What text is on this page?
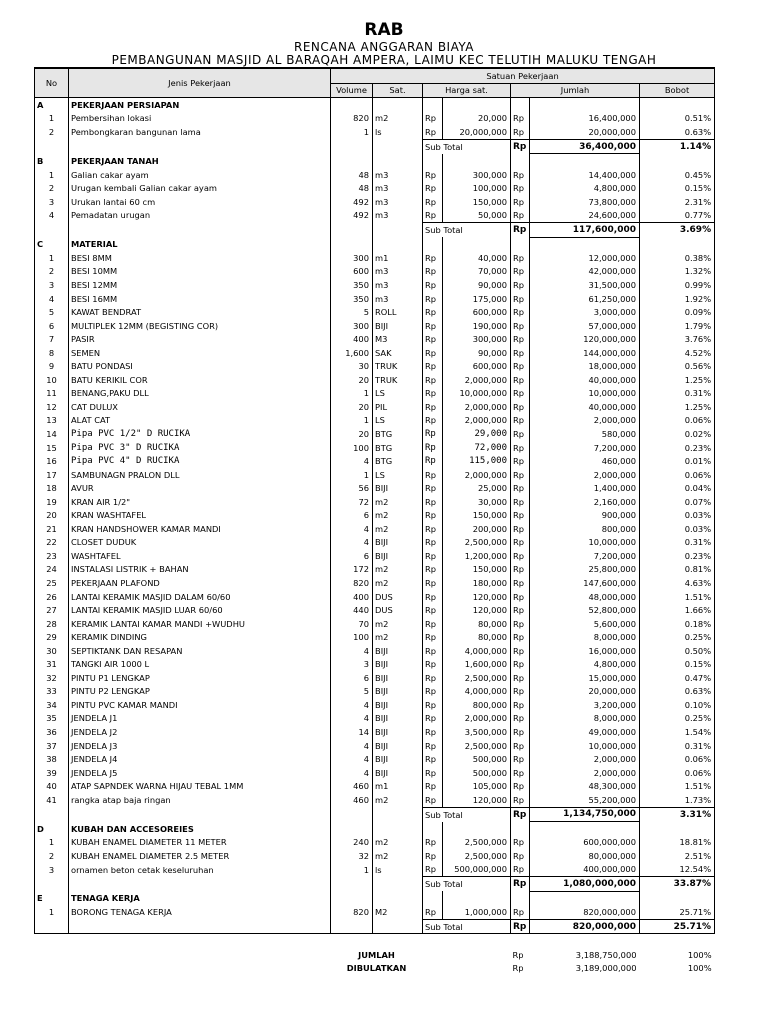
RAB
RENCANA ANGGARAN BIAYA
PEMBANGUNAN MASJID AL BARAQAH AMPERA, LAIMU KEC TELUTIH MALUKU TENGAH
No	Jenis Pekerjaan	Satuan Pekerjaan						
		Volume	Sat.	Harga sat.		Jumlah		Bobot
A	PEKERJAAN PERSIAPAN							
1	Pembersihan lokasi	820	m2	Rp	20,000	Rp	16,400,000	0.51%
2	Pembongkaran bangunan lama	1	ls	Rp	20,000,000	Rp	20,000,000	0.63%
				Sub Total		Rp	36,400,000	1.14%
B	PEKERJAAN TANAH							
1	Galian cakar ayam	48	m3	Rp	300,000	Rp	14,400,000	0.45%
2	Urugan kembali Galian cakar ayam	48	m3	Rp	100,000	Rp	4,800,000	0.15%
3	Urukan lantai 60 cm	492	m3	Rp	150,000	Rp	73,800,000	2.31%
4	Pemadatan urugan	492	m3	Rp	50,000	Rp	24,600,000	0.77%
				Sub Total		Rp	117,600,000	3.69%
C	MATERIAL							
1	BESI 8MM	300	m1	Rp	40,000	Rp	12,000,000	0.38%
2	BESI 10MM	600	m3	Rp	70,000	Rp	42,000,000	1.32%
3	BESI 12MM	350	m3	Rp	90,000	Rp	31,500,000	0.99%
4	BESI 16MM	350	m3	Rp	175,000	Rp	61,250,000	1.92%
5	KAWAT BENDRAT	5	ROLL	Rp	600,000	Rp	3,000,000	0.09%
6	MULTIPLEK 12MM (BEGISTING COR)	300	BIJI	Rp	190,000	Rp	57,000,000	1.79%
7	PASIR	400	M3	Rp	300,000	Rp	120,000,000	3.76%
8	SEMEN	1,600	SAK	Rp	90,000	Rp	144,000,000	4.52%
9	BATU PONDASI	30	TRUK	Rp	600,000	Rp	18,000,000	0.56%
10	BATU KERIKIL COR	20	TRUK	Rp	2,000,000	Rp	40,000,000	1.25%
11	BENANG,PAKU DLL	1	LS	Rp	10,000,000	Rp	10,000,000	0.31%
12	CAT DULUX	20	PIL	Rp	2,000,000	Rp	40,000,000	1.25%
13	ALAT CAT	1	LS	Rp	2,000,000	Rp	2,000,000	0.06%
14	Pipa PVC 1/2" D RUCIKA	20	BTG	Rp	29,000	Rp	580,000	0.02%
15	Pipa PVC 3" D RUCIKA	100	BTG	Rp	72,000	Rp	7,200,000	0.23%
16	Pipa PVC 4" D RUCIKA	4	BTG	Rp	115,000	Rp	460,000	0.01%
17	SAMBUNAGN PRALON DLL	1	LS	Rp	2,000,000	Rp	2,000,000	0.06%
18	AVUR	56	BIJI	Rp	25,000	Rp	1,400,000	0.04%
19	KRAN AIR 1/2"	72	m2	Rp	30,000	Rp	2,160,000	0.07%
20	KRAN WASHTAFEL	6	m2	Rp	150,000	Rp	900,000	0.03%
21	KRAN HANDSHOWER KAMAR MANDI	4	m2	Rp	200,000	Rp	800,000	0.03%
22	CLOSET DUDUK	4	BIJI	Rp	2,500,000	Rp	10,000,000	0.31%
23	WASHTAFEL	6	BIJI	Rp	1,200,000	Rp	7,200,000	0.23%
24	INSTALASI LISTRIK + BAHAN	172	m2	Rp	150,000	Rp	25,800,000	0.81%
25	PEKERJAAN PLAFOND	820	m2	Rp	180,000	Rp	147,600,000	4.63%
26	LANTAI KERAMIK MASJID DALAM 60/60	400	DUS	Rp	120,000	Rp	48,000,000	1.51%
27	LANTAI KERAMIK MASJID LUAR 60/60	440	DUS	Rp	120,000	Rp	52,800,000	1.66%
28	KERAMIK LANTAI KAMAR MANDI +WUDHU	70	m2	Rp	80,000	Rp	5,600,000	0.18%
29	KERAMIK DINDING	100	m2	Rp	80,000	Rp	8,000,000	0.25%
30	SEPTIKTANK DAN RESAPAN	4	BIJI	Rp	4,000,000	Rp	16,000,000	0.50%
31	TANGKI AIR 1000 L	3	BIJI	Rp	1,600,000	Rp	4,800,000	0.15%
32	PINTU P1 LENGKAP	6	BIJI	Rp	2,500,000	Rp	15,000,000	0.47%
33	PINTU P2 LENGKAP	5	BIJI	Rp	4,000,000	Rp	20,000,000	0.63%
34	PINTU PVC KAMAR MANDI	4	BIJI	Rp	800,000	Rp	3,200,000	0.10%
35	JENDELA J1	4	BIJI	Rp	2,000,000	Rp	8,000,000	0.25%
36	JENDELA J2	14	BIJI	Rp	3,500,000	Rp	49,000,000	1.54%
37	JENDELA J3	4	BIJI	Rp	2,500,000	Rp	10,000,000	0.31%
38	JENDELA J4	4	BIJI	Rp	500,000	Rp	2,000,000	0.06%
39	JENDELA J5	4	BIJI	Rp	500,000	Rp	2,000,000	0.06%
40	ATAP SAPNDEK WARNA HIJAU TEBAL 1MM	460	m1	Rp	105,000	Rp	48,300,000	1.51%
41	rangka atap baja ringan	460	m2	Rp	120,000	Rp	55,200,000	1.73%
				Sub Total		Rp	1,134,750,000	3.31%
D	KUBAH DAN ACCESOREIES							
1	KUBAH ENAMEL DIAMETER 11 METER	240	m2	Rp	2,500,000	Rp	600,000,000	18.81%
2	KUBAH ENAMEL DIAMETER 2.5 METER	32	m2	Rp	2,500,000	Rp	80,000,000	2.51%
3	ornamen beton cetak keseluruhan	1	ls	Rp	500,000,000	Rp	400,000,000	12.54%
				Sub Total		Rp	1,080,000,000	33.87%
E	TENAGA KERJA							
1	BORONG TENAGA KERJA	820	M2	Rp	1,000,000	Rp	820,000,000	25.71%
				Sub Total		Rp	820,000,000	25.71%

		JUMLAH				Rp	3,188,750,000	100%
		DIBULATKAN				Rp	3,189,000,000	100%
